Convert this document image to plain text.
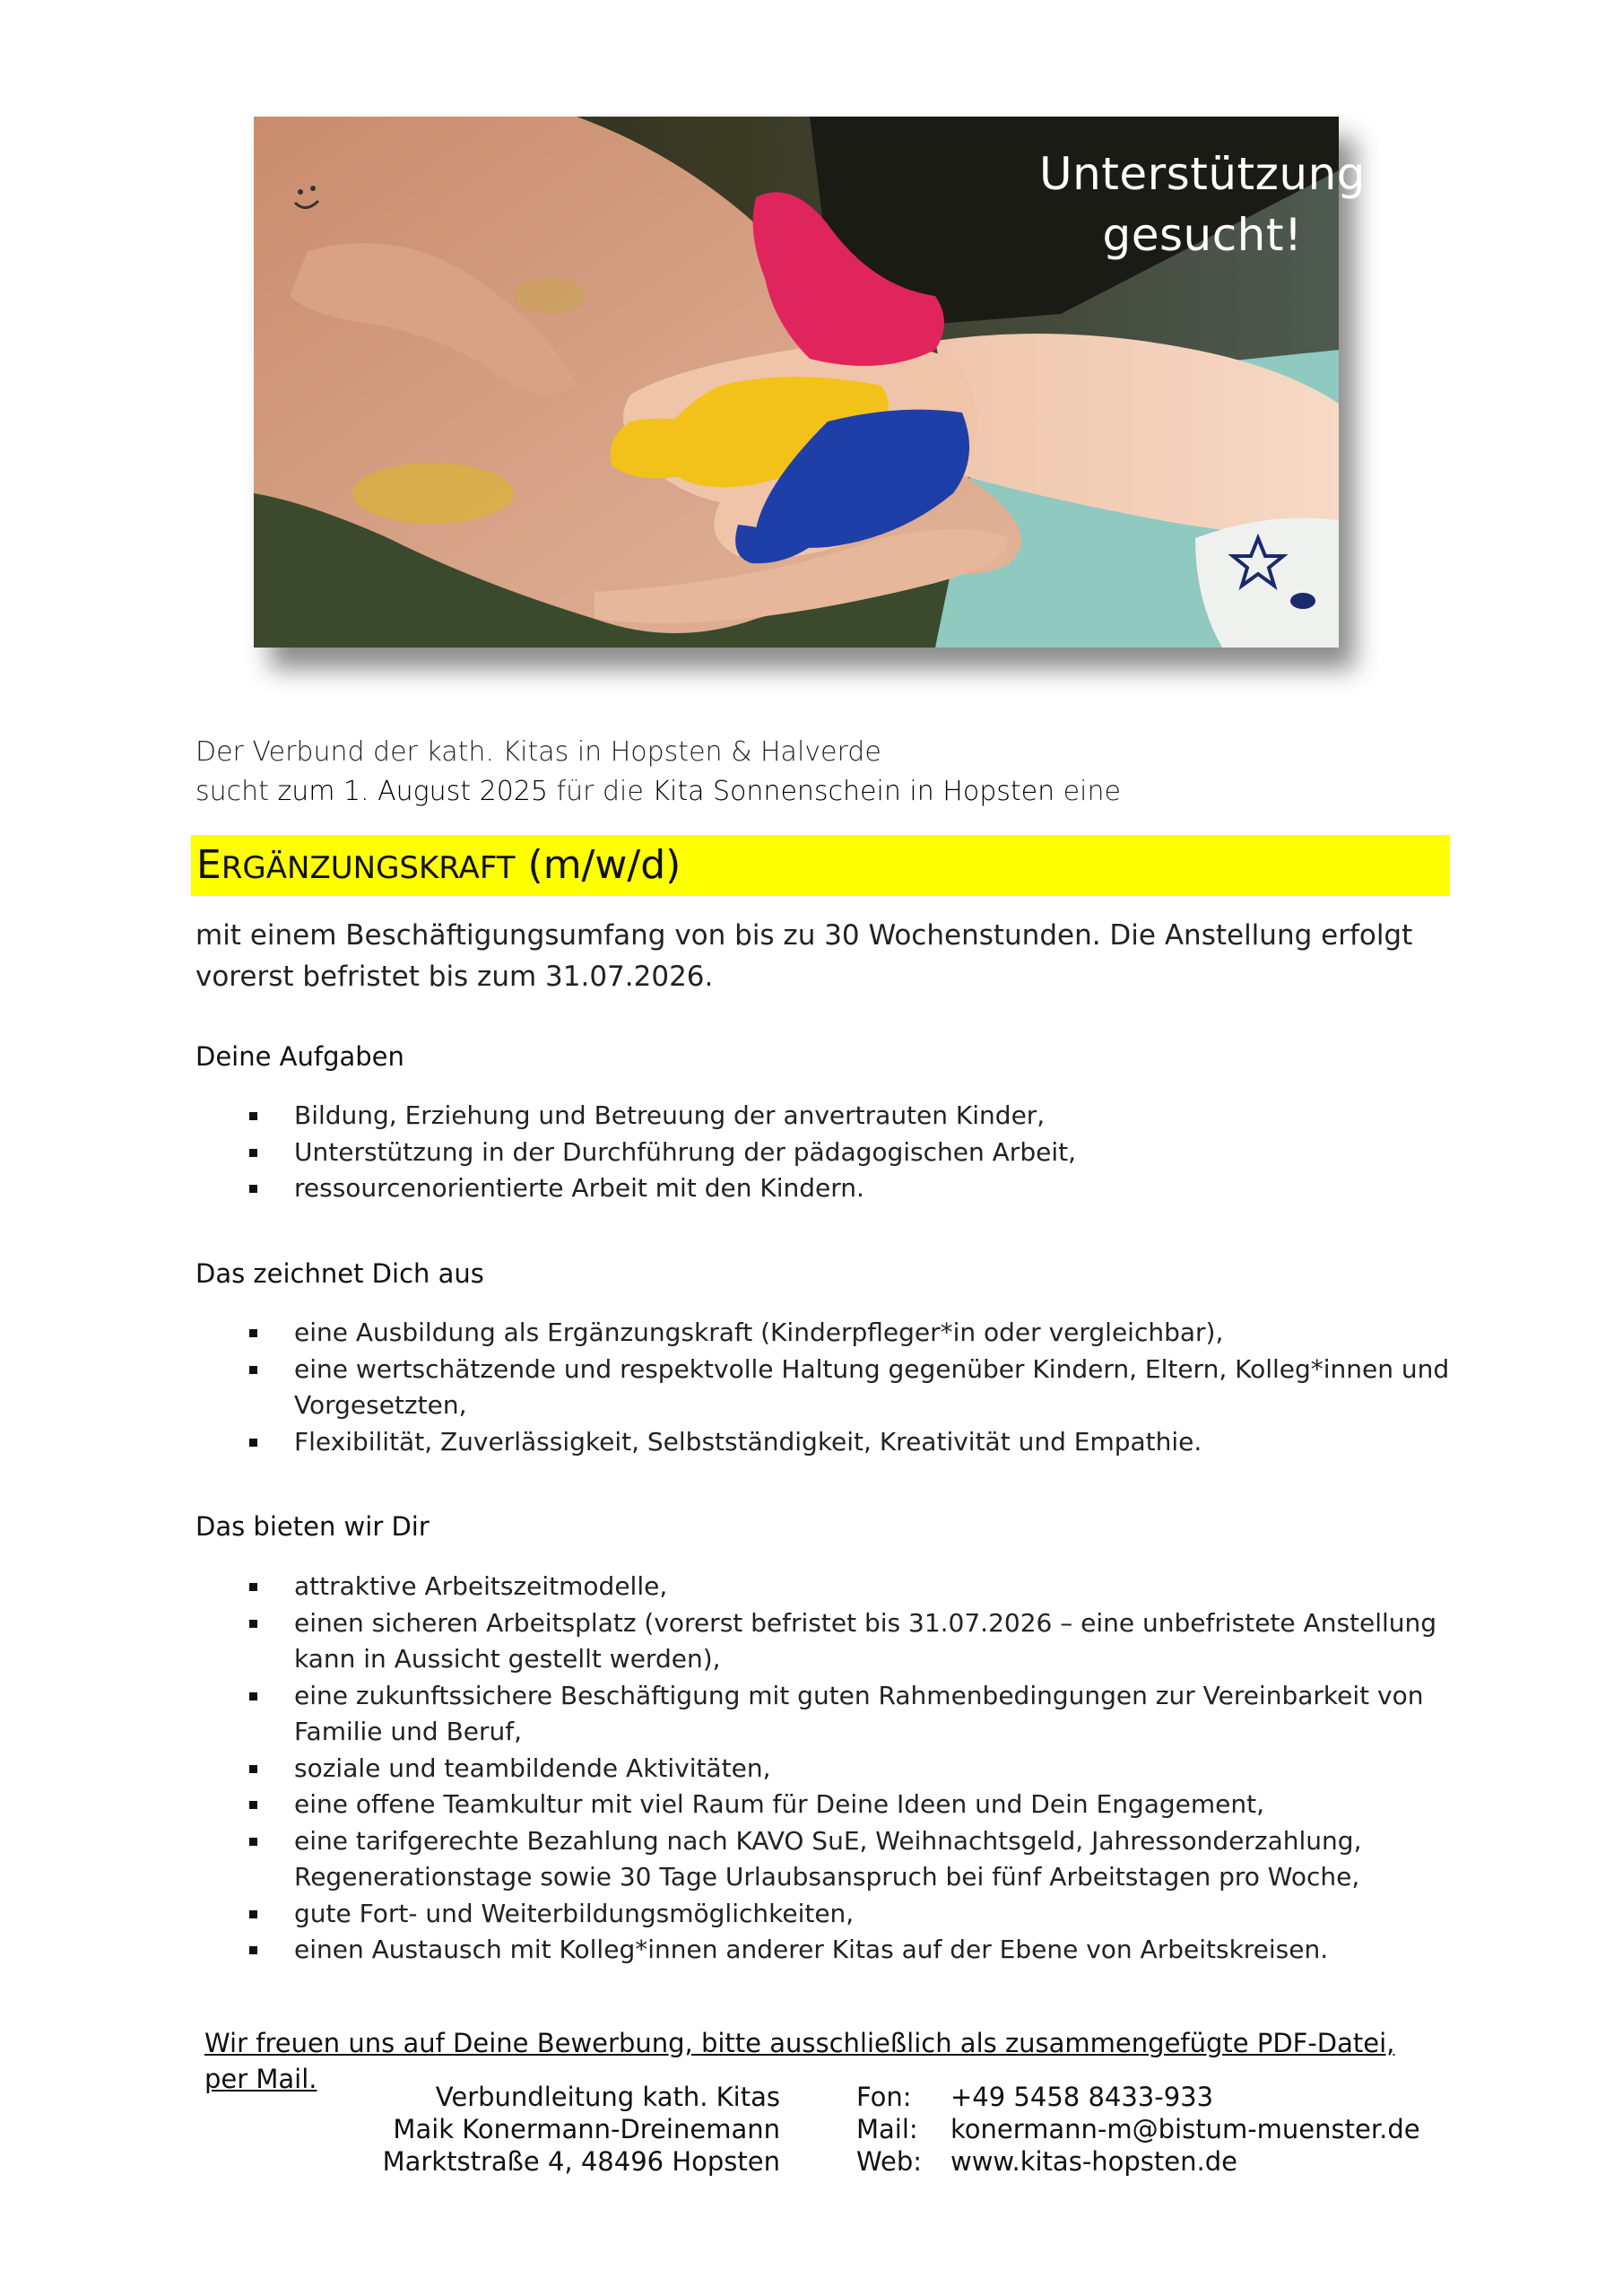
Unterstützung
gesucht!
Der Verbund der kath. Kitas in Hopsten & Halverde
sucht zum 1. August 2025 für die Kita Sonnenschein in Hopsten eine
ERGÄNZUNGSKRAFT (m/w/d)
mit einem Beschäftigungsumfang von bis zu 30 Wochenstunden. Die Anstellung erfolgt vorerst befristet bis zum 31.07.2026.
Deine Aufgaben
Bildung, Erziehung und Betreuung der anvertrauten Kinder,
Unterstützung in der Durchführung der pädagogischen Arbeit,
ressourcenorientierte Arbeit mit den Kindern.
Das zeichnet Dich aus
eine Ausbildung als Ergänzungskraft (Kinderpfleger*in oder vergleichbar),
eine wertschätzende und respektvolle Haltung gegenüber Kindern, Eltern, Kolleg*innen und Vorgesetzten,
Flexibilität, Zuverlässigkeit, Selbstständigkeit, Kreativität und Empathie.
Das bieten wir Dir
attraktive Arbeitszeitmodelle,
einen sicheren Arbeitsplatz (vorerst befristet bis 31.07.2026 – eine unbefristete Anstellung kann in Aussicht gestellt werden),
eine zukunftssichere Beschäftigung mit guten Rahmenbedingungen zur Vereinbarkeit von Familie und Beruf,
soziale und teambildende Aktivitäten,
eine offene Teamkultur mit viel Raum für Deine Ideen und Dein Engagement,
eine tarifgerechte Bezahlung nach KAVO SuE, Weihnachtsgeld, Jahressonderzahlung, Regenerationstage sowie 30 Tage Urlaubsanspruch bei fünf Arbeitstagen pro Woche,
gute Fort- und Weiterbildungsmöglichkeiten,
einen Austausch mit Kolleg*innen anderer Kitas auf der Ebene von Arbeitskreisen.
Wir freuen uns auf Deine Bewerbung, bitte ausschließlich als zusammengefügte PDF-Datei, per Mail.
Verbundleitung kath. Kitas
Maik Konermann-Dreinemann
Marktstraße 4, 48496 Hopsten
Fon:	+49 5458 8433-933
Mail:	konermann-m@bistum-muenster.de
Web:	www.kitas-hopsten.de
